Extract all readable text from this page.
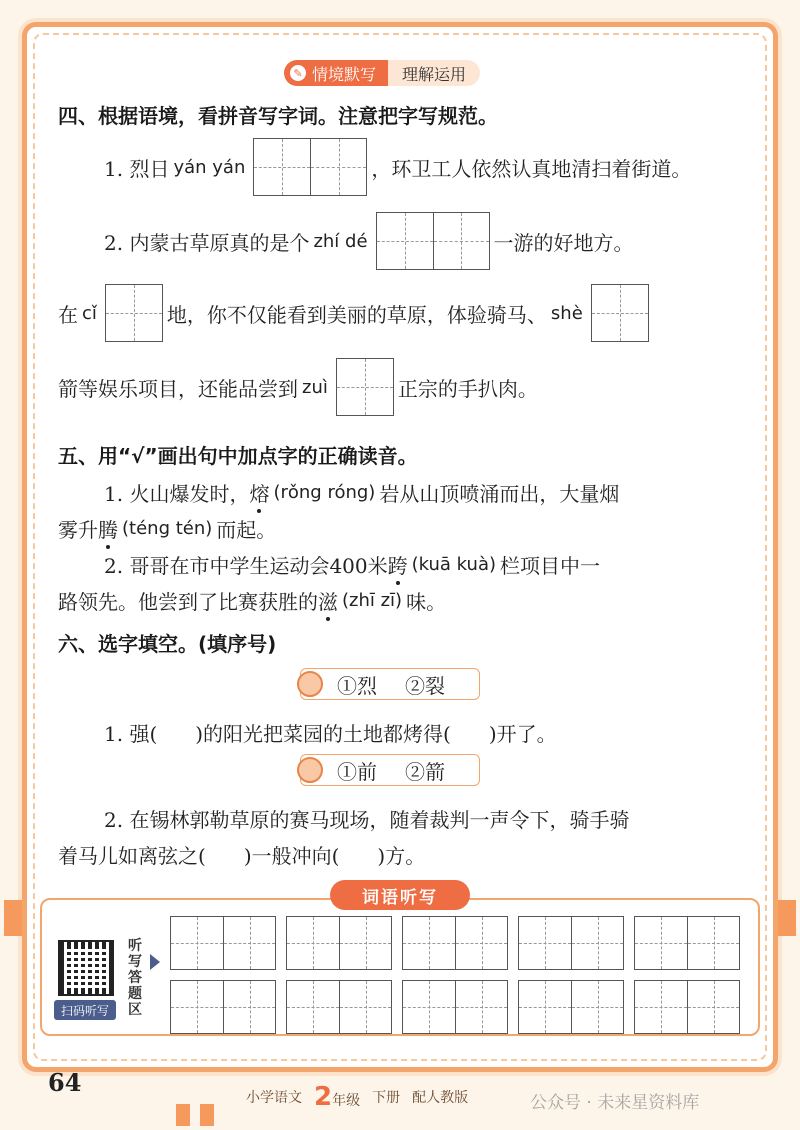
✎ 情境默写	理解运用
四、根据语境，看拼音写字词。注意把字写规范。
1. 烈日 yán yán	，环卫工人依然认真地清扫着街道。
2. 内蒙古草原真的是个 zhí dé	一游的好地方。
在 cǐ	地，你不仅能看到美丽的草原，体验骑马、 shè
箭等娱乐项目，还能品尝到 zuì	正宗的手扒肉。
五、用“√”画出句中加点字的正确读音。
1. 火山爆发时， 熔 (rǒng róng) 岩从山顶喷涌而出，大量烟
雾升 腾 (téng tén) 而起。
2. 哥哥在市中学生运动会400米 跨 (kuā kuà) 栏项目中一
路领先。他尝到了比赛获胜的 滋 (zhī zī) 味。
六、选字填空。(填序号)
①烈 ②裂
1. 强( )的阳光把菜园的土地都烤得( )开了。
①前 ②箭
2. 在锡林郭勒草原的赛马现场，随着裁判一声令下，骑手骑
着马儿如离弦之( )一般冲向( )方。
词语听写
扫码听写
听写答题区
64
小学语文 2年级 下册 配人教版	公众号 · 未来星资料库
